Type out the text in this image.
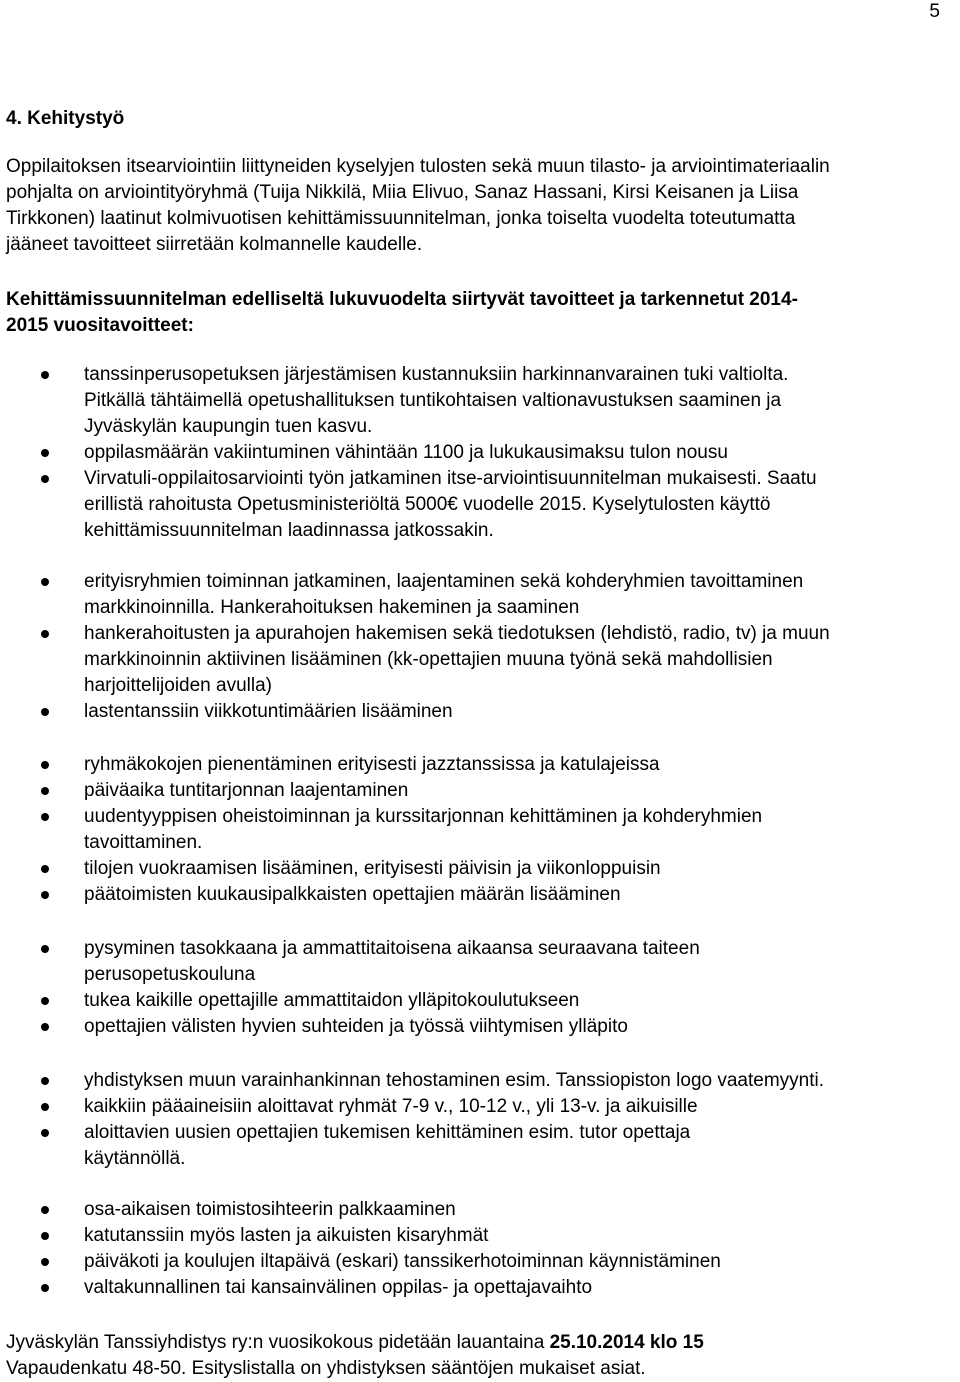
5
4. Kehitystyö

Oppilaitoksen itsearviointiin liittyneiden kyselyjen tulosten sekä muun tilasto- ja arviointimateriaalin
pohjalta on arviointityöryhmä (Tuija Nikkilä, Miia Elivuo, Sanaz Hassani, Kirsi Keisanen ja Liisa
Tirkkonen) laatinut kolmivuotisen kehittämissuunnitelman, jonka toiselta vuodelta toteutumatta
jääneet tavoitteet siirretään kolmannelle kaudelle.

Kehittämissuunnitelman edelliseltä lukuvuodelta siirtyvät tavoitteet ja tarkennetut 2014-
2015 vuositavoitteet:

tanssinperusopetuksen järjestämisen kustannuksiin harkinnanvarainen tuki valtiolta.
Pitkällä tähtäimellä opetushallituksen tuntikohtaisen valtionavustuksen saaminen ja
Jyväskylän kaupungin tuen kasvu.
oppilasmäärän vakiintuminen vähintään 1100 ja lukukausimaksu tulon nousu
Virvatuli-oppilaitosarviointi työn jatkaminen itse-arviointisuunnitelman mukaisesti. Saatu
erillistä rahoitusta Opetusministeriöltä 5000€ vuodelle 2015. Kyselytulosten käyttö
kehittämissuunnitelman laadinnassa jatkossakin.
erityisryhmien toiminnan jatkaminen, laajentaminen sekä kohderyhmien tavoittaminen
markkinoinnilla. Hankerahoituksen hakeminen ja saaminen
hankerahoitusten ja apurahojen hakemisen sekä tiedotuksen (lehdistö, radio, tv) ja muun
markkinoinnin aktiivinen lisääminen (kk-opettajien muuna työnä sekä mahdollisien
harjoittelijoiden avulla)
lastentanssiin viikkotuntimäärien lisääminen
ryhmäkokojen pienentäminen erityisesti jazztanssissa ja katulajeissa
päiväaika tuntitarjonnan laajentaminen
uudentyyppisen oheistoiminnan ja kurssitarjonnan kehittäminen ja kohderyhmien
tavoittaminen.
tilojen vuokraamisen lisääminen, erityisesti päivisin ja viikonloppuisin
päätoimisten kuukausipalkkaisten opettajien määrän lisääminen
pysyminen tasokkaana ja ammattitaitoisena aikaansa seuraavana taiteen
perusopetuskouluna
tukea kaikille opettajille ammattitaidon ylläpitokoulutukseen
opettajien välisten hyvien suhteiden ja työssä viihtymisen ylläpito
yhdistyksen muun varainhankinnan tehostaminen esim. Tanssiopiston logo vaatemyynti.
kaikkiin pääaineisiin aloittavat ryhmät 7-9 v., 10-12 v., yli 13-v. ja aikuisille
aloittavien uusien opettajien tukemisen kehittäminen esim. tutor opettaja
käytännöllä.
osa-aikaisen toimistosihteerin palkkaaminen
katutanssiin myös lasten ja aikuisten kisaryhmät
päiväkoti ja koulujen iltapäivä (eskari) tanssikerhotoiminnan käynnistäminen
valtakunnallinen tai kansainvälinen oppilas- ja opettajavaihto

Jyväskylän Tanssiyhdistys ry:n vuosikokous pidetään lauantaina 25.10.2014 klo 15
Vapaudenkatu 48-50. Esityslistalla on yhdistyksen sääntöjen mukaiset asiat.
